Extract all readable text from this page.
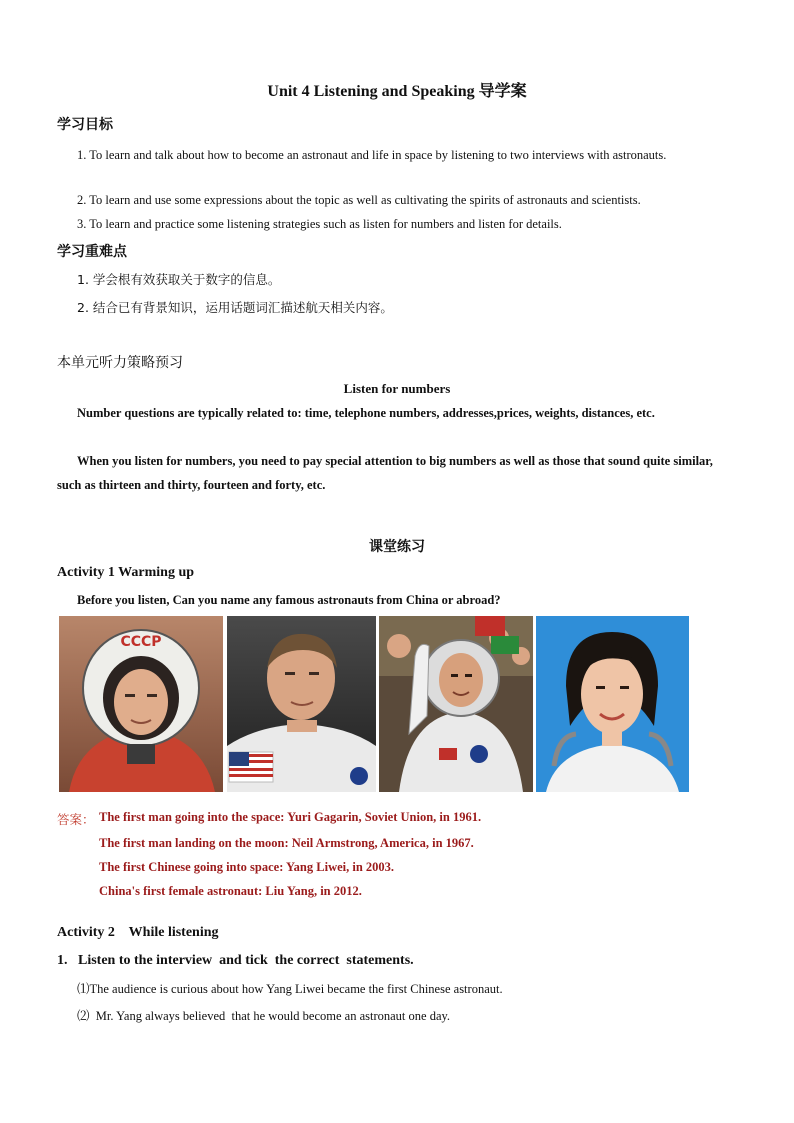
Unit 4 Listening and Speaking 导学案
学习目标
1. To learn and talk about how to become an astronaut and life in space by listening to two interviews with astronauts.
2. To learn and use some expressions about the topic as well as cultivating the spirits of astronauts and scientists.
3. To learn and practice some listening strategies such as listen for numbers and listen for details.
学习重难点
1. 学会根有效获取关于数字的信息。
2. 结合已有背景知识，运用话题词汇描述航天相关内容。
本单元听力策略预习
Listen for numbers
Number questions are typically related to: time, telephone numbers, addresses,prices, weights, distances, etc.
When you listen for numbers, you need to pay special attention to big numbers as well as those that sound quite similar, such as thirteen and thirty, fourteen and forty, etc.
课堂练习
Activity 1 Warming up
Before you listen, Can you name any famous astronauts from China or abroad?
CCCP
答案： The first man going into the space: Yuri Gagarin, Soviet Union, in 1961.
The first man landing on the moon: Neil Armstrong, America, in 1967.
The first Chinese going into space: Yang Liwei, in 2003.
China's first female astronaut: Liu Yang, in 2012.
Activity 2    While listening
1.   Listen to the interview  and tick  the correct  statements.
⑴The audience is curious about how Yang Liwei became the first Chinese astronaut.
⑵  Mr. Yang always believed  that he would become an astronaut one day.
